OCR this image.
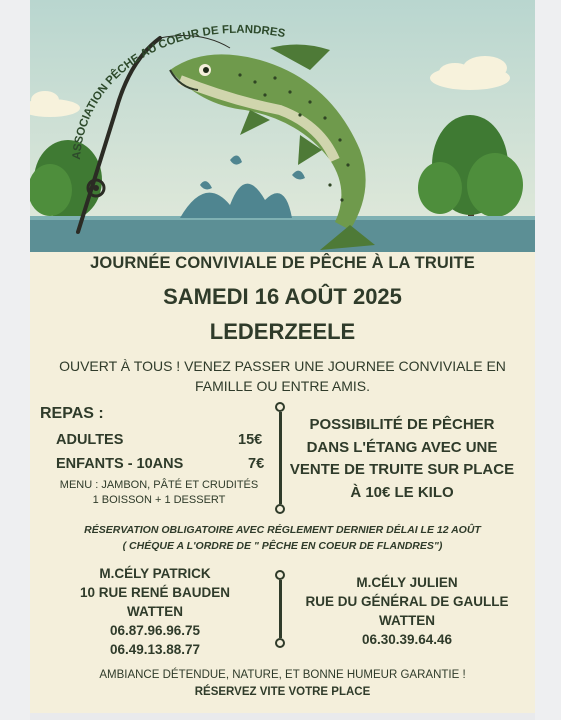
ASSOCIATION PÊCHE AU COEUR DE FLANDRES
JOURNÉE CONVIVIALE DE PÊCHE À LA TRUITE
SAMEDI 16 AOÛT 2025
LEDERZEELE
OUVERT À TOUS ! VENEZ PASSER UNE JOURNEE CONVIVIALE EN
FAMILLE OU ENTRE AMIS.
REPAS :
ADULTES	15€
ENFANTS - 10ANS	7€
MENU : JAMBON, PÂTÉ ET CRUDITÉS
1 BOISSON + 1 DESSERT
POSSIBILITÉ DE PÊCHER
DANS L'ÉTANG AVEC UNE
VENTE DE TRUITE SUR PLACE
À 10€ LE KILO
RÉSERVATION OBLIGATOIRE AVEC RÉGLEMENT DERNIER DÉLAI LE 12 AOÛT
( CHÉQUE A L'ORDRE DE " PÊCHE EN COEUR DE FLANDRES")
M.CÉLY PATRICK
10 RUE RENÉ BAUDEN
WATTEN
06.87.96.96.75
06.49.13.88.77
M.CÉLY JULIEN
RUE DU GÉNÉRAL DE GAULLE
WATTEN
06.30.39.64.46
AMBIANCE DÉTENDUE, NATURE, ET BONNE HUMEUR GARANTIE !
RÉSERVEZ VITE VOTRE PLACE
